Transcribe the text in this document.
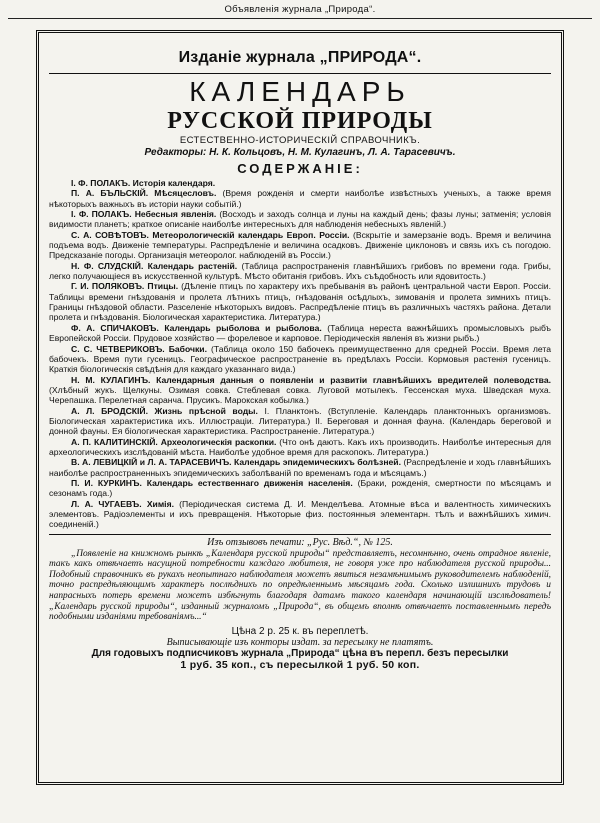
Объявленія журнала „Природа“.
Изданіе журнала „ПРИРОДА“.
КАЛЕНДАРЬ
РУССКОЙ ПРИРОДЫ
ЕСТЕСТВЕННО-ИСТОРИЧЕСКІЙ СПРАВОЧНИКЪ.
Редакторы: Н. К. Кольцовъ, Н. М. Кулагинъ, Л. А. Тарасевичъ.
СОДЕРЖАНІЕ:

І. Ф. ПОЛАКЪ. Исторія календаря.

П. А. БЪЛЬСКІЙ. Мѣсяцесловъ. (Время рожденія и смерти наиболѣе извѣстныхъ ученыхъ, а также время нѣкоторыхъ важныхъ въ исторіи науки событій.)

І. Ф. ПОЛАКЪ. Небесныя явленія. (Восходъ и заходъ солнца и луны на каждый день; фазы луны; затменія; условія видимости планетъ; краткое описаніе наиболѣе интересныхъ для наблюденія небесныхъ явленій.)

С. А. СОВѢТОВЪ. Метеорологическій календарь Европ. Россіи. (Вскрытіе и замерзаніе водъ. Время и величина подъема водъ. Движеніе температуры. Распредѣленіе и величина осадковъ. Движеніе циклоновъ и связь ихъ съ погодою. Предсказаніе погоды. Организація метеоролог. наблюденій въ Россіи.)

Н. Ф. СЛУДСКІЙ. Календарь растеній. (Таблица распространенія главнѣйшихъ грибовъ по времени года. Грибы, легко получающіеся въ искусственной культурѣ. Мѣсто обитанія грибовъ. Ихъ съѣдобность или ядовитость.)

Г. И. ПОЛЯКОВЪ. Птицы. (Дѣленіе птицъ по характеру ихъ пребыванія въ районѣ центральной части Европ. Россіи. Таблицы времени гнѣздованія и пролета лѣтнихъ птицъ, гнѣздованія осѣдлыхъ, зимованія и пролета зимнихъ птицъ. Границы гнѣздовой области. Разселеніе нѣкоторыхъ видовъ. Распредѣленіе птицъ въ различныхъ частяхъ района. Детали пролета и гнѣздованія. Біологическая характеристика. Литература.)

Ф. А. СПИЧАКОВЪ. Календарь рыболова и рыболова. (Таблица нереста важнѣйшихъ промысловыхъ рыбъ Европейской Россіи. Прудовое хозяйство — форелевое и карповое. Періодическія явленія въ жизни рыбъ.)

С. С. ЧЕТВЕРИКОВЪ. Бабочки. (Таблица около 150 бабочекъ преимущественно для средней Россіи. Время лета бабочекъ. Время пути гусеницъ. Географическое распространеніе въ предѣлахъ Россіи. Кормовыя растенія гусеницъ. Краткія біологическія свѣдѣнія для каждаго указаннаго вида.)

Н. М. КУЛАГИНЪ. Календарныя данныя о появленіи и развитіи главнѣйшихъ вредителей полеводства. (Хлѣбный жукъ. Щелкуны. Озимая совка. Стеблевая совка. Луговой мотылекъ. Гессенская муха. Шведская муха. Черепашка. Перелетная саранча. Прусикъ. Марокская кобылка.)

А. Л. БРОДСКІЙ. Жизнь прѣсной воды. I. Планктонъ. (Вступленіе. Календарь планктонныхъ организмовъ. Біологическая характеристика ихъ. Иллюстраціи. Литература.) II. Береговая и донная фауна. (Календарь береговой и донной фауны. Ея біологическая характеристика. Распространеніе. Литература.)

А. П. КАЛИТИНСКІЙ. Археологическія раскопки. (Что онѣ даютъ. Какъ ихъ производить. Наиболѣе интересныя для археологическихъ изслѣдованій мѣста. Наиболѣе удобное время для раскопокъ. Литература.)

В. А. ЛЕВИЦКІЙ и Л. А. ТАРАСЕВИЧЪ. Календарь эпидемическихъ болѣзней. (Распредѣленіе и ходъ главнѣйшихъ наиболѣе распространенныхъ эпидемическихъ заболѣваній по временамъ года и мѣсяцамъ.)

П. И. КУРКИНЪ. Календарь естественнаго движенія населенія. (Браки, рожденія, смертности по мѣсяцамъ и сезонамъ года.)

Л. А. ЧУГАЕВЪ. Химія. (Періодическая система Д. И. Менделѣева. Атомные вѣса и валентность химическихъ элементовъ. Радіоэлементы и ихъ превращенія. Нѣкоторые физ. постоянныя элементарн. тѣлъ и важнѣйшихъ химич. соединеній.)

Изъ отзывовъ печати: „Рус. Вѣд.“, № 125.
„Появленіе на книжномъ рынкѣ „Календаря русской природы“ представляетъ, несомнѣнно, очень отрадное явленіе, такъ какъ отвѣчаетъ насущной потребности каждаго любителя, не говоря уже про наблюдателя русской природы... Подобный справочникъ въ рукахъ неопытнаго наблюдателя можетъ явиться незамѣнимымъ руководителемъ наблюденій, точно распредѣляющимъ характеръ послѣднихъ по опредѣленнымъ мѣсяцамъ года. Сколько излишнихъ трудовъ и напрасныхъ потерь времени можетъ избѣгнуть благодаря датамъ такого календаря начинающій изслѣдователь! „Календарь русской природы“, изданный журналомъ „Природа“, въ общемъ вполнѣ отвѣчаетъ поставленнымъ передъ подобными изданіями требованіямъ...“
Цѣна 2 р. 25 к. въ переплетѣ.
Выписывающіе изъ конторы издат. за пересылку не платятъ.
Для годовыхъ подписчиковъ журнала „Природа“ цѣна въ перепл. безъ пересылки
1 руб. 35 коп., съ пересылкой 1 руб. 50 коп.
